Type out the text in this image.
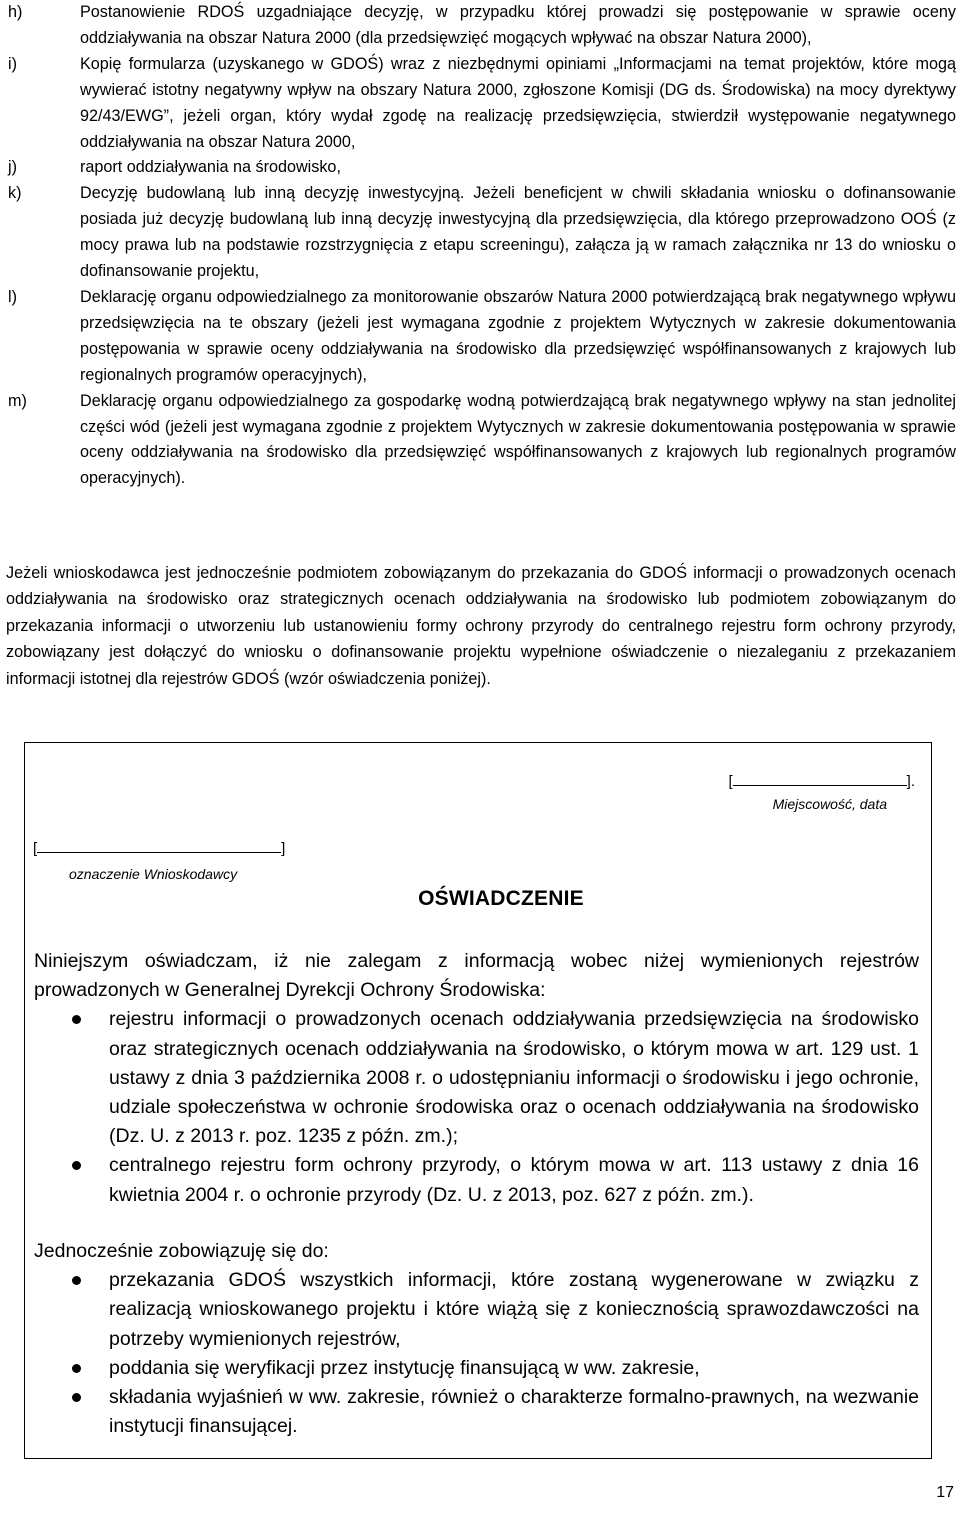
h)	Postanowienie RDOŚ uzgadniające decyzję, w przypadku której prowadzi się postępowanie w sprawie oceny oddziaływania na obszar Natura 2000 (dla przedsięwzięć mogących wpływać na obszar Natura 2000),
i)	Kopię formularza (uzyskanego w GDOŚ) wraz z niezbędnymi opiniami „Informacjami na temat projektów, które mogą wywierać istotny negatywny wpływ na obszary Natura 2000, zgłoszone Komisji (DG ds. Środowiska) na mocy dyrektywy 92/43/EWG”, jeżeli organ, który wydał zgodę na realizację przedsięwzięcia, stwierdził występowanie negatywnego oddziaływania na obszar Natura 2000,
j)	raport oddziaływania na środowisko,
k)	Decyzję budowlaną lub inną decyzję inwestycyjną. Jeżeli beneficjent w chwili składania wniosku o dofinansowanie posiada już decyzję budowlaną lub inną decyzję inwestycyjną dla przedsięwzięcia, dla którego przeprowadzono OOŚ (z mocy prawa lub na podstawie rozstrzygnięcia z etapu screeningu), załącza ją w ramach załącznika nr 13 do wniosku o dofinansowanie projektu,
l)	Deklarację organu odpowiedzialnego za monitorowanie obszarów Natura 2000 potwierdzającą brak negatywnego wpływu przedsięwzięcia na te obszary (jeżeli jest wymagana zgodnie z projektem Wytycznych w zakresie dokumentowania postępowania w sprawie oceny oddziaływania na środowisko dla przedsięwzięć współfinansowanych z krajowych lub regionalnych programów operacyjnych),
m)	Deklarację organu odpowiedzialnego za gospodarkę wodną potwierdzającą brak negatywnego wpływy na stan jednolitej części wód (jeżeli jest wymagana zgodnie z projektem Wytycznych w zakresie dokumentowania postępowania w sprawie oceny oddziaływania na środowisko dla przedsięwzięć współfinansowanych z krajowych lub regionalnych programów operacyjnych).
Jeżeli wnioskodawca jest jednocześnie podmiotem zobowiązanym do przekazania do GDOŚ informacji o prowadzonych ocenach oddziaływania na środowisko oraz strategicznych ocenach oddziaływania na środowisko lub podmiotem zobowiązanym do przekazania informacji o utworzeniu lub ustanowieniu formy ochrony przyrody do centralnego rejestru form ochrony przyrody, zobowiązany jest dołączyć do wniosku o dofinansowanie projektu wypełnione oświadczenie o niezaleganiu z przekazaniem informacji istotnej dla rejestrów GDOŚ (wzór oświadczenia poniżej).
[	].
Miejscowość, data
[	]
oznaczenie Wnioskodawcy
OŚWIADCZENIE
Niniejszym oświadczam, iż nie zalegam z informacją wobec niżej wymienionych rejestrów prowadzonych w Generalnej Dyrekcji Ochrony Środowiska:
rejestru informacji o prowadzonych ocenach oddziaływania przedsięwzięcia na środowisko oraz strategicznych ocenach oddziaływania na środowisko, o którym mowa w art. 129 ust. 1 ustawy z dnia 3 października 2008 r. o udostępnianiu informacji o środowisku i jego ochronie, udziale społeczeństwa w ochronie środowiska oraz o ocenach oddziaływania na środowisko (Dz. U. z 2013 r. poz. 1235 z późn. zm.);
centralnego rejestru form ochrony przyrody, o którym mowa w art. 113 ustawy z dnia 16 kwietnia 2004 r. o ochronie przyrody (Dz. U. z 2013, poz. 627 z późn. zm.).
Jednocześnie zobowiązuję się do:
przekazania GDOŚ wszystkich informacji, które zostaną wygenerowane w związku z realizacją wnioskowanego projektu i które wiążą się z koniecznością sprawozdawczości na potrzeby wymienionych rejestrów,
poddania się weryfikacji przez instytucję finansującą w ww. zakresie,
składania wyjaśnień w ww. zakresie, również o charakterze formalno-prawnych, na wezwanie instytucji finansującej.
17
